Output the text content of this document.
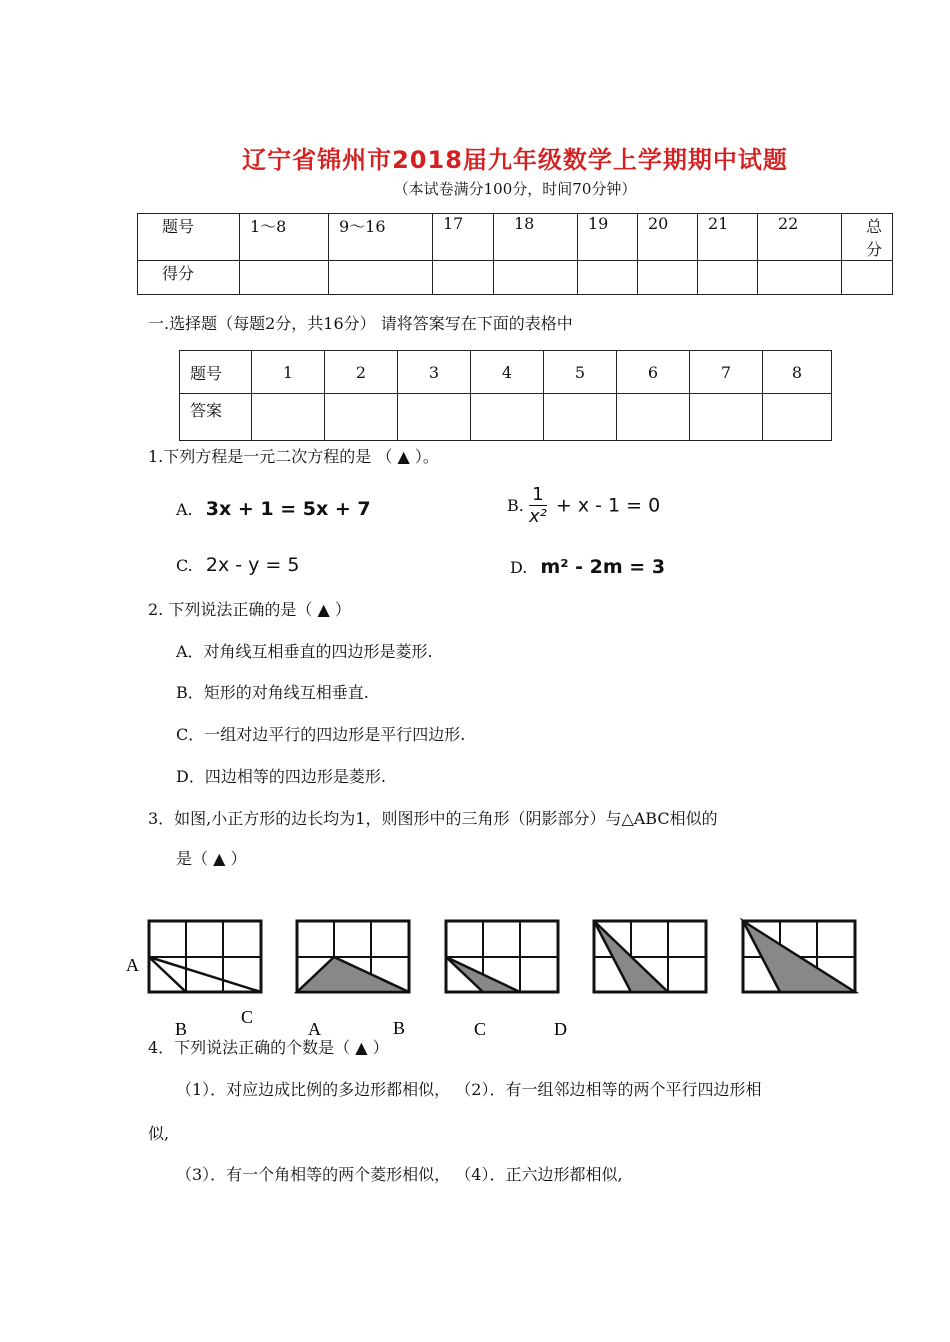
辽宁省锦州市2018届九年级数学上学期期中试题
（本试卷满分100分，时间70分钟）
题号	1～8	9～16	17	18	19	20	21	22	总分
得分									
一.选择题（每题2分，共16分） 请将答案写在下面的表格中
题号	1	2	3	4	5	6	7	8
答案								
1.下列方程是一元二次方程的是 （ ▲ ）。
A. 3x + 1 = 5x + 7	B. $\frac{1}{\text{x²}} + x - 1 = 0$
C. 2x - y = 5	D. m² - 2m = 3
2. 下列说法正确的是（ ▲ ）
A．对角线互相垂直的四边形是菱形.
B．矩形的对角线互相垂直.
C．一组对边平行的四边形是平行四边形.
D．四边相等的四边形是菱形.
3．如图,小正方形的边长均为1，则图形中的三角形（阴影部分）与△ABC相似的
是（ ▲ ）
A
C
B	A	B	C	D
4．下列说法正确的个数是（ ▲ ）
（1）．对应边成比例的多边形都相似， （2）．有一组邻边相等的两个平行四边形相
似,
（3）．有一个角相等的两个菱形相似， （4）．正六边形都相似,
